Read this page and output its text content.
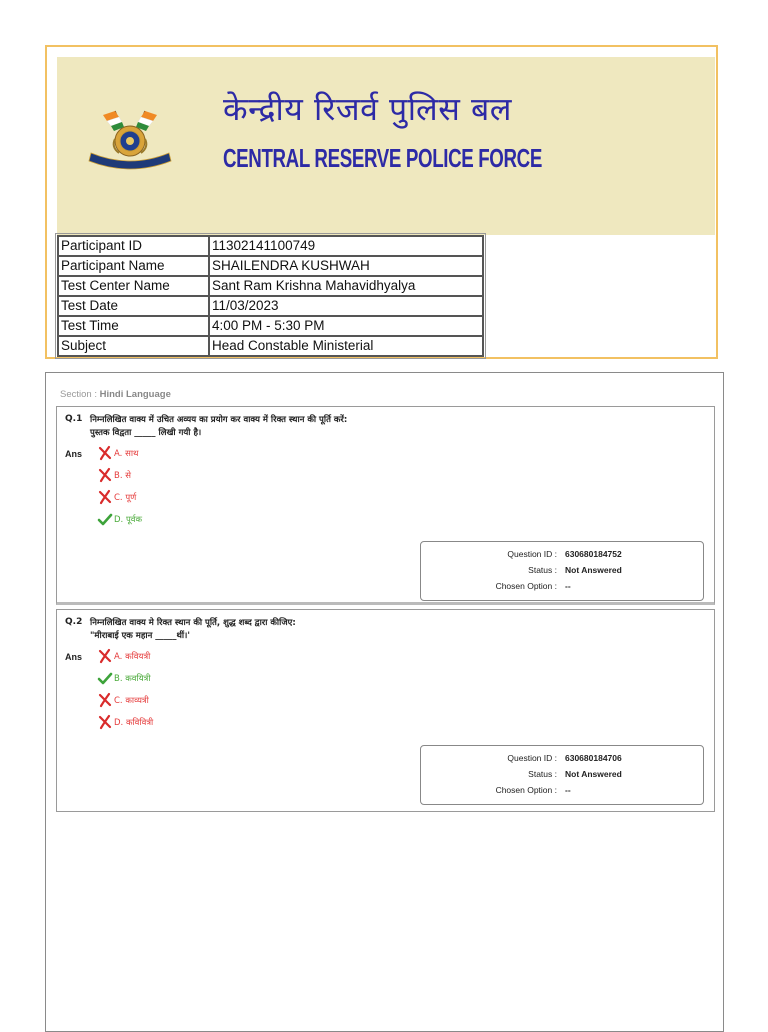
केन्द्रीय रिजर्व पुलिस बल
CENTRAL RESERVE POLICE FORCE
Participant ID	11302141100749
Participant Name	SHAILENDRA KUSHWAH
Test Center Name	Sant Ram Krishna Mahavidhyalya
Test Date	11/03/2023
Test Time	4:00 PM - 5:30 PM
Subject	Head Constable Ministerial
Section : Hindi Language
Q.1 निम्नलिखित वाक्य में उचित अव्यय का प्रयोग कर वाक्य में रिक्त स्थान की पूर्ति करें:
पुस्तक विद्वता _____ लिखी गयी है।
Ans	A. साथ
B. से
C. पूर्ण
D. पूर्वक
Question ID : 630680184752
Status : Not Answered
Chosen Option : --
Q.2 निम्नलिखित वाक्य मे रिक्त स्थान की पूर्ति, शुद्ध शब्द द्वारा कीजिए:
"मीराबाई एक महान _____थीं।'
Ans	A. कवियत्री
B. कवयित्री
C. काव्यत्री
D. कविवित्री
Question ID : 630680184706
Status : Not Answered
Chosen Option : --
